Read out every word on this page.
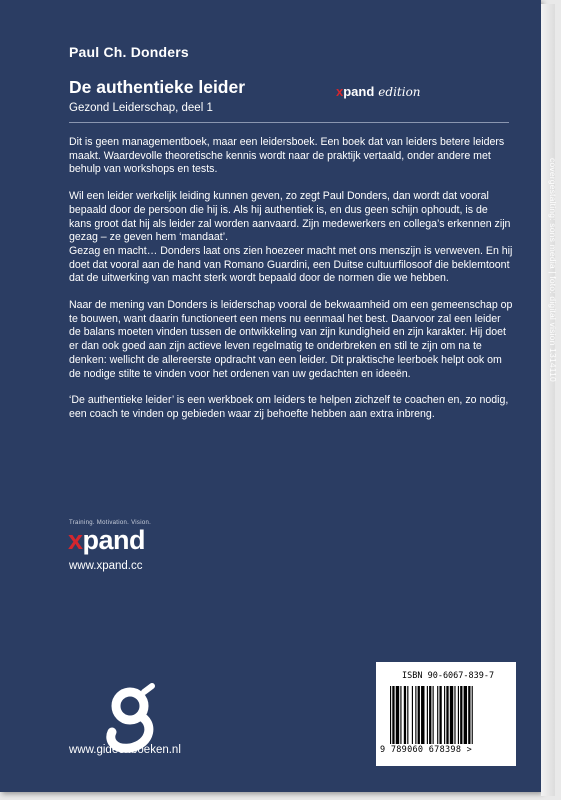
Paul Ch. Donders
De authentieke leider
Gezond Leiderschap, deel 1
xpand edition

Dit is geen managementboek, maar een leidersboek. Een boek dat van leiders betere leiders maakt. Waardevolle theoretische kennis wordt naar de praktijk vertaald, onder andere met behulp van workshops en tests.

Wil een leider werkelijk leiding kunnen geven, zo zegt Paul Donders, dan wordt dat vooral bepaald door de persoon die hij is. Als hij authentiek is, en dus geen schijn ophoudt, is de kans groot dat hij als leider zal worden aanvaard. Zijn medewerkers en collega’s erkennen zijn gezag – ze geven hem ‘mandaat’.

Gezag en macht… Donders laat ons zien hoezeer macht met ons menszijn is verweven. En hij doet dat vooral aan de hand van Romano Guardini, een Duitse cultuurfilosoof die beklemtoont dat de uitwerking van macht sterk wordt bepaald door de normen die we hebben.

Naar de mening van Donders is leiderschap vooral de bekwaamheid om een gemeenschap op te bouwen, want daarin functioneert een mens nu eenmaal het best. Daarvoor zal een leider de balans moeten vinden tussen de ontwikkeling van zijn kundigheid en zijn karakter. Hij doet er dan ook goed aan zijn actieve leven regelmatig te onderbreken en stil te zijn om na te denken: wellicht de allereerste opdracht van een leider. Dit praktische leerboek helpt ook om de nodige stilte te vinden voor het ordenen van uw gedachten en ideeën.

‘De authentieke leider’ is een werkboek om leiders te helpen zichzelf te coachen en, zo nodig, een coach te vinden op gebieden waar zij behoefte hebben aan extra inbreng.

Training. Motivation. Vision.
xpand
www.xpand.cc
www.gideonboeken.nl
ISBN 90-6067-839-7
9 789060 678398 >
covergestalting: sons media | foto: digital vision 1314110
